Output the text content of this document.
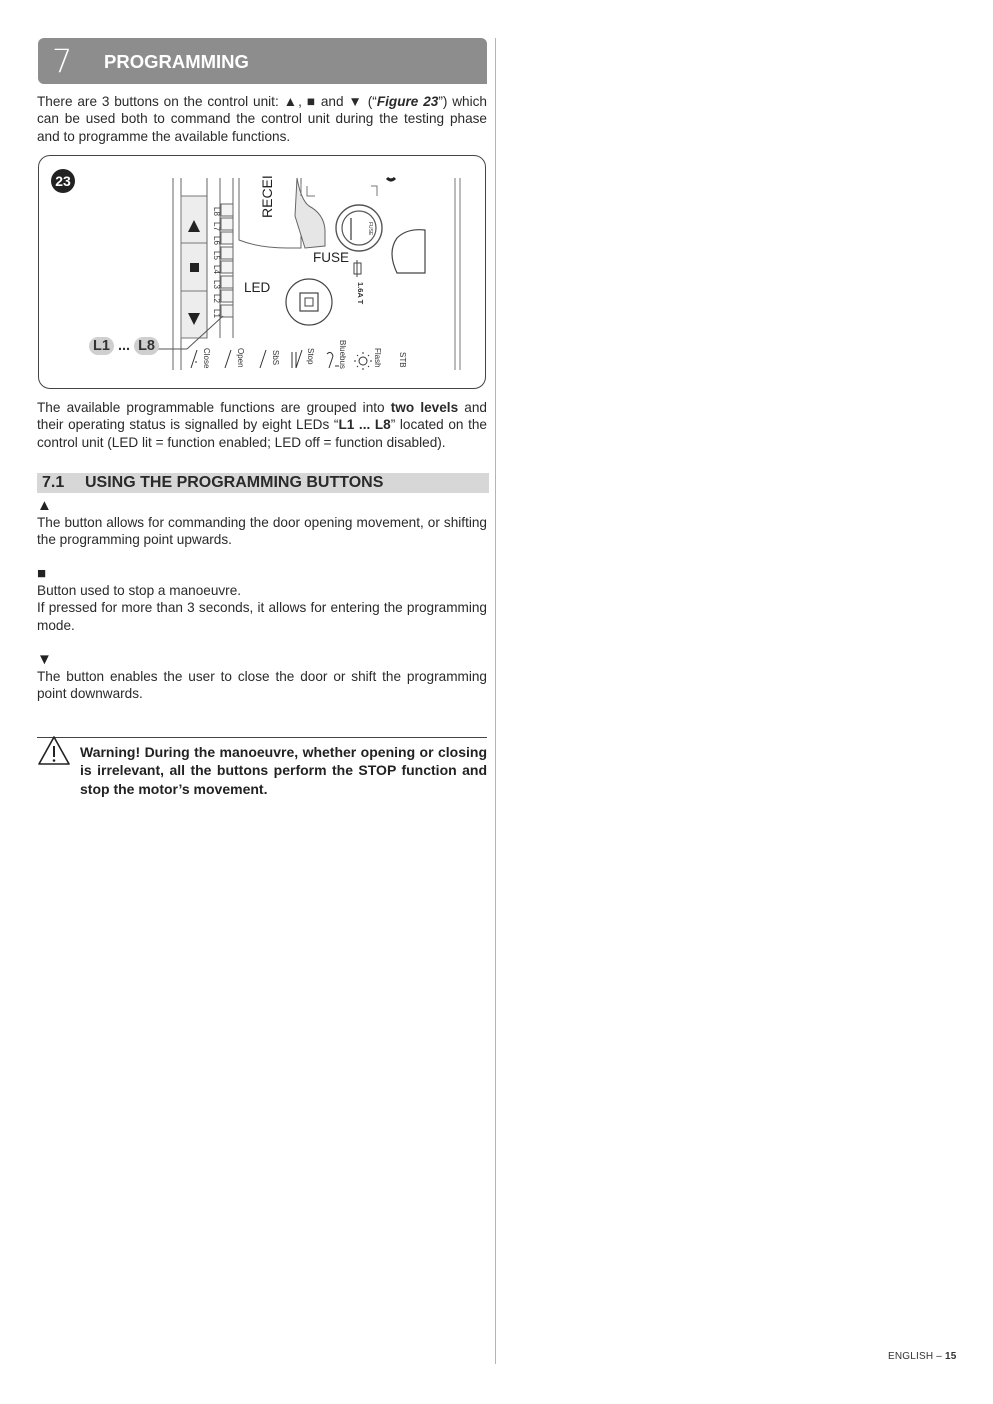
7 PROGRAMMING

There are 3 buttons on the control unit: ▲, ■ and ▼ (“Figure 23”) which can be used both to command the control unit during the testing phase and to programme the available functions.

23	RECEI
FUSE
FUSE
1.6A T
LED
L8
L7
L6
L5
L4
L3
L2
L1
Close	Open	SbS	Stop	Bluebus	Flash STB
L1 ... L8

The available programmable functions are grouped into two levels and their operating status is signalled by eight LEDs “L1 ... L8” located on the control unit (LED lit = function enabled; LED off = function disabled).

7.1 USING THE PROGRAMMING BUTTONS
▲

The button allows for commanding the door opening movement, or shifting the programming point upwards.

■

Button used to stop a manoeuvre.

If pressed for more than 3 seconds, it allows for entering the programming mode.

▼

The button enables the user to close the door or shift the programming point downwards.

Warning! During the manoeuvre, whether opening or closing is irrelevant, all the buttons perform the STOP function and stop the motor’s movement.
ENGLISH – 15
